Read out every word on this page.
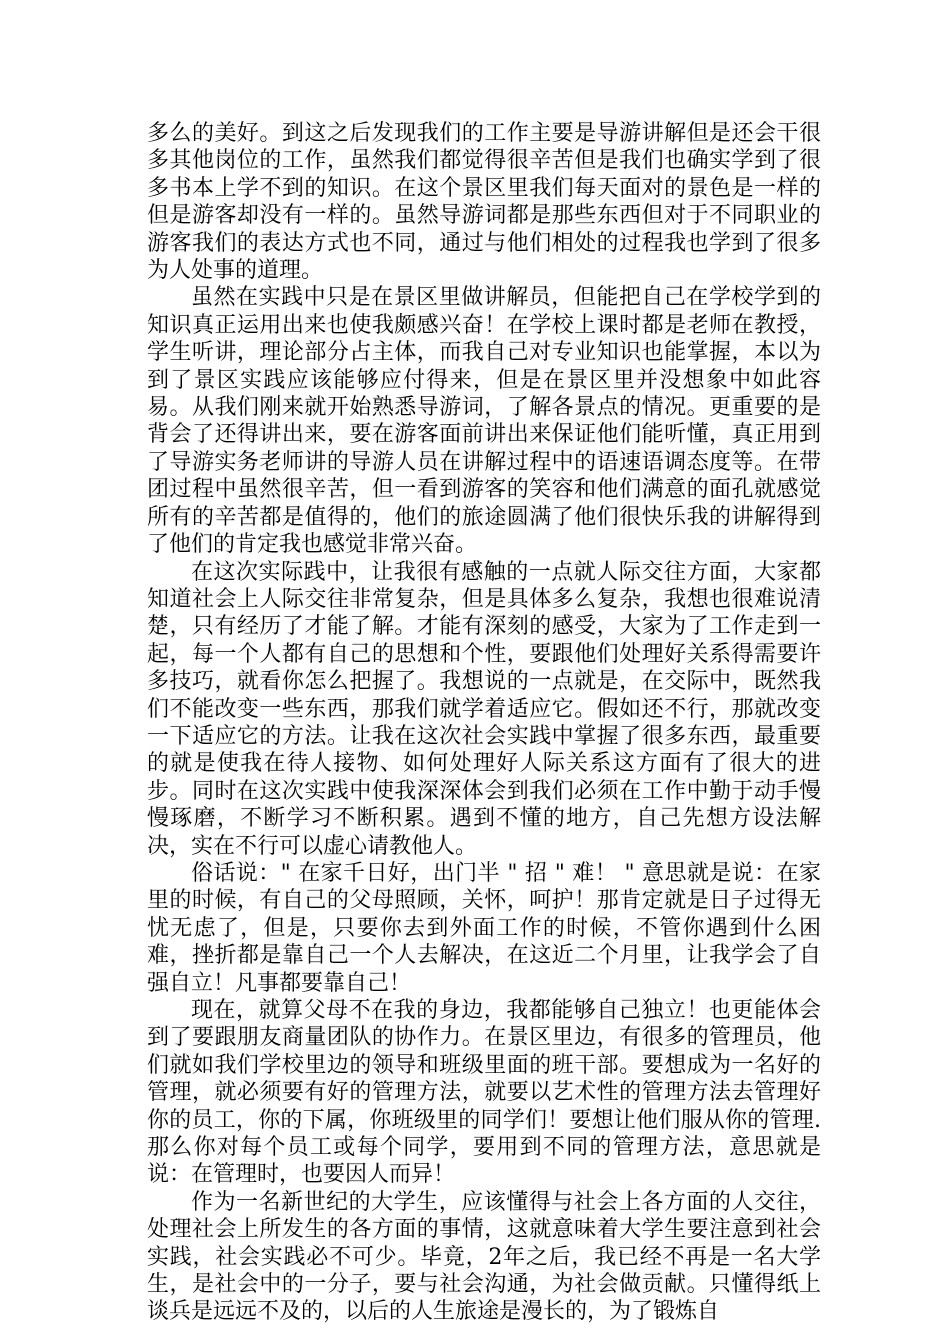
多么的美好。到这之后发现我们的工作主要是导游讲解但是还会干很多其他岗位的工作，虽然我们都觉得很辛苦但是我们也确实学到了很多书本上学不到的知识。在这个景区里我们每天面对的景色是一样的但是游客却没有一样的。虽然导游词都是那些东西但对于不同职业的游客我们的表达方式也不同，通过与他们相处的过程我也学到了很多为人处事的道理。

虽然在实践中只是在景区里做讲解员，但能把自己在学校学到的知识真正运用出来也使我颇感兴奋！在学校上课时都是老师在教授，学生听讲，理论部分占主体，而我自己对专业知识也能掌握，本以为到了景区实践应该能够应付得来，但是在景区里并没想象中如此容易。从我们刚来就开始熟悉导游词，了解各景点的情况。更重要的是背会了还得讲出来，要在游客面前讲出来保证他们能听懂，真正用到了导游实务老师讲的导游人员在讲解过程中的语速语调态度等。在带团过程中虽然很辛苦，但一看到游客的笑容和他们满意的面孔就感觉所有的辛苦都是值得的，他们的旅途圆满了他们很快乐我的讲解得到了他们的肯定我也感觉非常兴奋。

在这次实际践中，让我很有感触的一点就人际交往方面，大家都知道社会上人际交往非常复杂，但是具体多么复杂，我想也很难说清楚，只有经历了才能了解。才能有深刻的感受，大家为了工作走到一起，每一个人都有自己的思想和个性，要跟他们处理好关系得需要许多技巧，就看你怎么把握了。我想说的一点就是，在交际中，既然我们不能改变一些东西，那我们就学着适应它。假如还不行，那就改变一下适应它的方法。让我在这次社会实践中掌握了很多东西，最重要的就是使我在待人接物、如何处理好人际关系这方面有了很大的进步。同时在这次实践中使我深深体会到我们必须在工作中勤于动手慢慢琢磨，不断学习不断积累。遇到不懂的地方，自己先想方设法解决，实在不行可以虚心请教他人。

俗话说：" 在家千日好，出门半 " 招 " 难！ " 意思就是说：在家里的时候，有自己的父母照顾，关怀，呵护！那肯定就是日子过得无忧无虑了，但是，只要你去到外面工作的时候，不管你遇到什么困难，挫折都是靠自己一个人去解决，在这近二个月里，让我学会了自强自立！凡事都要靠自己！

现在，就算父母不在我的身边，我都能够自己独立！也更能体会到了要跟朋友商量团队的协作力。在景区里边，有很多的管理员，他们就如我们学校里边的领导和班级里面的班干部。要想成为一名好的管理，就必须要有好的管理方法，就要以艺术性的管理方法去管理好你的员工，你的下属，你班级里的同学们！要想让他们服从你的管理.那么你对每个员工或每个同学，要用到不同的管理方法，意思就是说：在管理时，也要因人而异！

作为一名新世纪的大学生，应该懂得与社会上各方面的人交往，处理社会上所发生的各方面的事情，这就意味着大学生要注意到社会实践，社会实践必不可少。毕竟，2年之后，我已经不再是一名大学生，是社会中的一分子，要与社会沟通，为社会做贡献。只懂得纸上谈兵是远远不及的，以后的人生旅途是漫长的，为了锻炼自
